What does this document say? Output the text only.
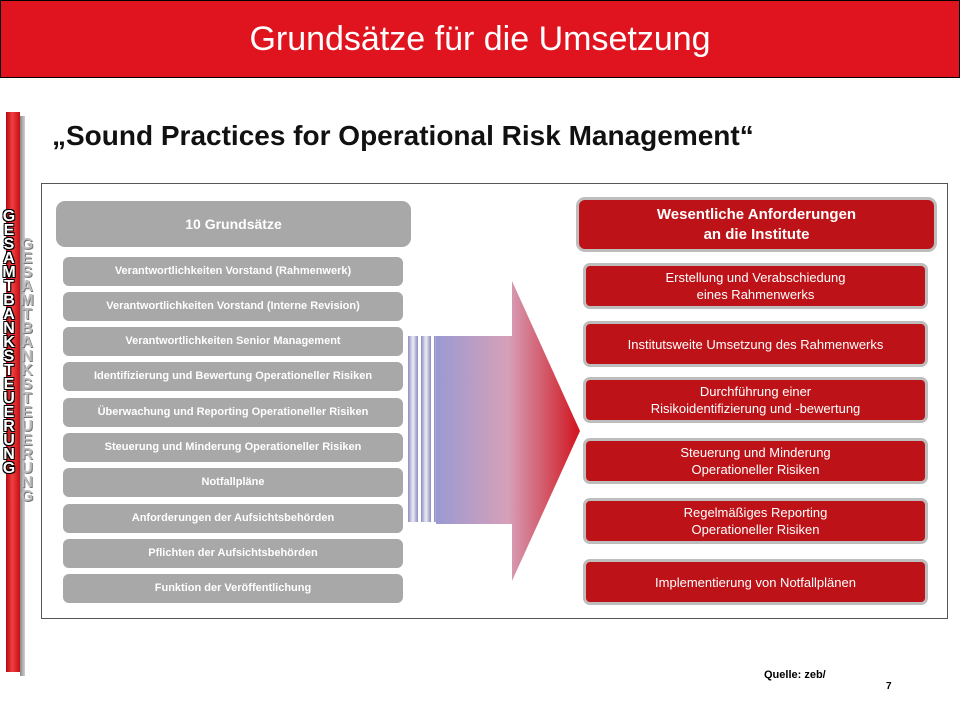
Grundsätze für die Umsetzung
G
E
S
A
M
T
B
A
N
K
S
T
E
U
E
R
U
N
G
G
E
S
A
M
T
B
A
N
K
S
T
E
U
E
R
U
N
G
„Sound Practices for Operational Risk Management“
10 Grundsätze
Verantwortlichkeiten Vorstand (Rahmenwerk)
Verantwortlichkeiten Vorstand (Interne Revision)
Verantwortlichkeiten Senior Management
Identifizierung und Bewertung Operationeller Risiken
Überwachung und Reporting Operationeller Risiken
Steuerung und Minderung Operationeller Risiken
Notfallpläne
Anforderungen der Aufsichtsbehörden
Pflichten der Aufsichtsbehörden
Funktion der Veröffentlichung
Wesentliche Anforderungen
an die Institute
Erstellung und Verabschiedung
eines Rahmenwerks
Institutsweite Umsetzung des Rahmenwerks
Durchführung einer
Risikoidentifizierung und -bewertung
Steuerung und Minderung
Operationeller Risiken
Regelmäßiges Reporting
Operationeller Risiken
Implementierung von Notfallplänen
Quelle: zeb/
7
